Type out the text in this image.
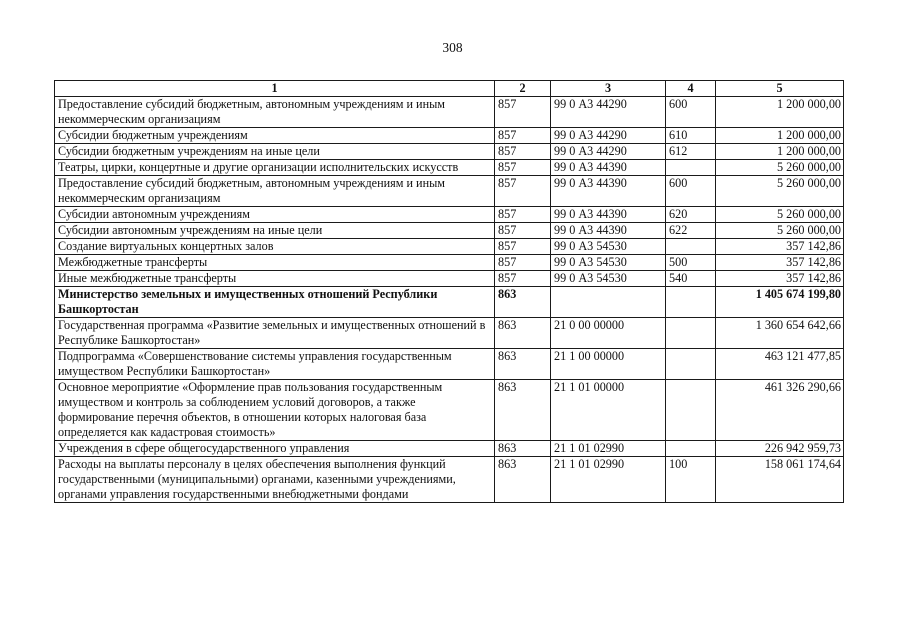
308
1	2	3	4	5
Предоставление субсидий бюджетным, автономным учреждениям и иным некоммерческим организациям	857	99 0 А3 44290	600	1 200 000,00
Субсидии бюджетным учреждениям	857	99 0 А3 44290	610	1 200 000,00
Субсидии бюджетным учреждениям на иные цели	857	99 0 А3 44290	612	1 200 000,00
Театры, цирки, концертные и другие организации исполнительских искусств	857	99 0 А3 44390		5 260 000,00
Предоставление субсидий бюджетным, автономным учреждениям и иным некоммерческим организациям	857	99 0 А3 44390	600	5 260 000,00
Субсидии автономным учреждениям	857	99 0 А3 44390	620	5 260 000,00
Субсидии автономным учреждениям на иные цели	857	99 0 А3 44390	622	5 260 000,00
Создание виртуальных концертных залов	857	99 0 А3 54530		357 142,86
Межбюджетные трансферты	857	99 0 А3 54530	500	357 142,86
Иные межбюджетные трансферты	857	99 0 А3 54530	540	357 142,86
Министерство земельных и имущественных отношений Республики Башкортостан	863			1 405 674 199,80
Государственная программа «Развитие земельных и имущественных отношений в Республике Башкортостан»	863	21 0 00 00000		1 360 654 642,66
Подпрограмма «Совершенствование системы управления государственным имуществом Республики Башкортостан»	863	21 1 00 00000		463 121 477,85
Основное мероприятие «Оформление прав пользования государственным имуществом и контроль за соблюдением условий договоров, а также формирование перечня объектов, в отношении которых налоговая база определяется как кадастровая стоимость»	863	21 1 01 00000		461 326 290,66
Учреждения в сфере общегосударственного управления	863	21 1 01 02990		226 942 959,73
Расходы на выплаты персоналу в целях обеспечения выполнения функций государственными (муниципальными) органами, казенными учреждениями, органами управления государственными внебюджетными фондами	863	21 1 01 02990	100	158 061 174,64
